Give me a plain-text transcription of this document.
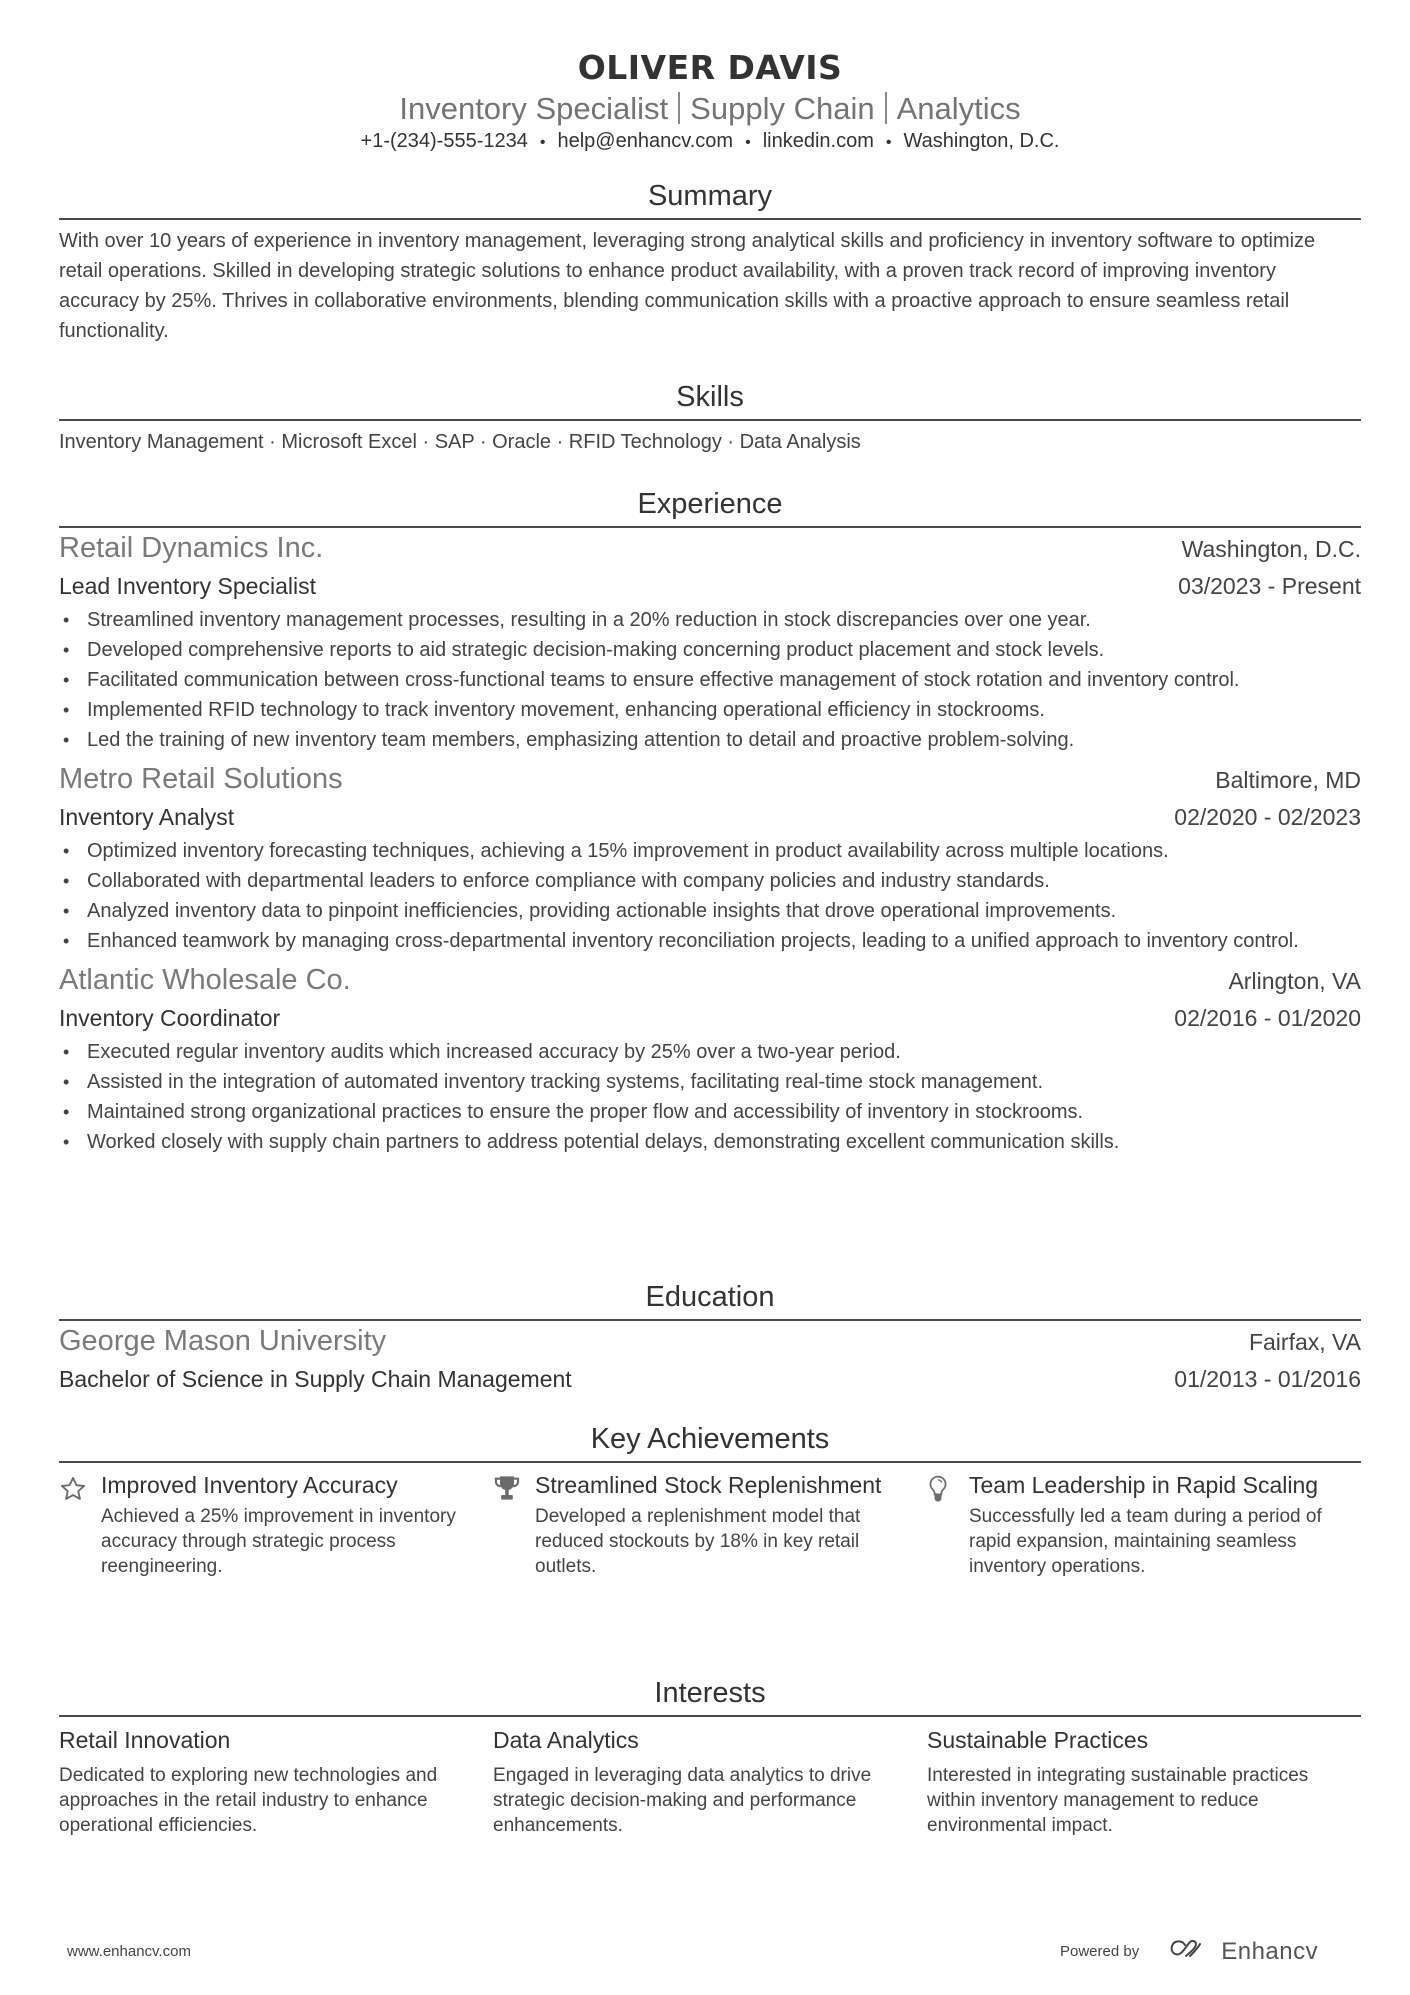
OLIVER DAVIS
Inventory Specialist Supply Chain Analytics
+1-(234)-555-1234 • help@enhancv.com • linkedin.com • Washington, D.C.
Summary
With over 10 years of experience in inventory management, leveraging strong analytical skills and proficiency in inventory software to optimize retail operations. Skilled in developing strategic solutions to enhance product availability, with a proven track record of improving inventory accuracy by 25%. Thrives in collaborative environments, blending communication skills with a proactive approach to ensure seamless retail functionality.
Skills
Inventory Management · Microsoft Excel · SAP · Oracle · RFID Technology · Data Analysis
Experience
Retail Dynamics Inc.	Washington, D.C.
Lead Inventory Specialist	03/2023 - Present
• Streamlined inventory management processes, resulting in a 20% reduction in stock discrepancies over one year.
• Developed comprehensive reports to aid strategic decision-making concerning product placement and stock levels.
• Facilitated communication between cross-functional teams to ensure effective management of stock rotation and inventory control.
• Implemented RFID technology to track inventory movement, enhancing operational efficiency in stockrooms.
• Led the training of new inventory team members, emphasizing attention to detail and proactive problem-solving.
Metro Retail Solutions	Baltimore, MD
Inventory Analyst	02/2020 - 02/2023
• Optimized inventory forecasting techniques, achieving a 15% improvement in product availability across multiple locations.
• Collaborated with departmental leaders to enforce compliance with company policies and industry standards.
• Analyzed inventory data to pinpoint inefficiencies, providing actionable insights that drove operational improvements.
• Enhanced teamwork by managing cross-departmental inventory reconciliation projects, leading to a unified approach to inventory control.
Atlantic Wholesale Co.	Arlington, VA
Inventory Coordinator	02/2016 - 01/2020
• Executed regular inventory audits which increased accuracy by 25% over a two-year period.
• Assisted in the integration of automated inventory tracking systems, facilitating real-time stock management.
• Maintained strong organizational practices to ensure the proper flow and accessibility of inventory in stockrooms.
• Worked closely with supply chain partners to address potential delays, demonstrating excellent communication skills.
Education
George Mason University	Fairfax, VA
Bachelor of Science in Supply Chain Management	01/2013 - 01/2016
Key Achievements
Improved Inventory Accuracy
Achieved a 25% improvement in inventory accuracy through strategic process reengineering.
Streamlined Stock Replenishment
Developed a replenishment model that reduced stockouts by 18% in key retail outlets.
Team Leadership in Rapid Scaling
Successfully led a team during a period of rapid expansion, maintaining seamless inventory operations.
Interests
Retail Innovation
Dedicated to exploring new technologies and approaches in the retail industry to enhance operational efficiencies.
Data Analytics
Engaged in leveraging data analytics to drive strategic decision-making and performance enhancements.
Sustainable Practices
Interested in integrating sustainable practices within inventory management to reduce environmental impact.
www.enhancv.com	Powered by	Enhancv
